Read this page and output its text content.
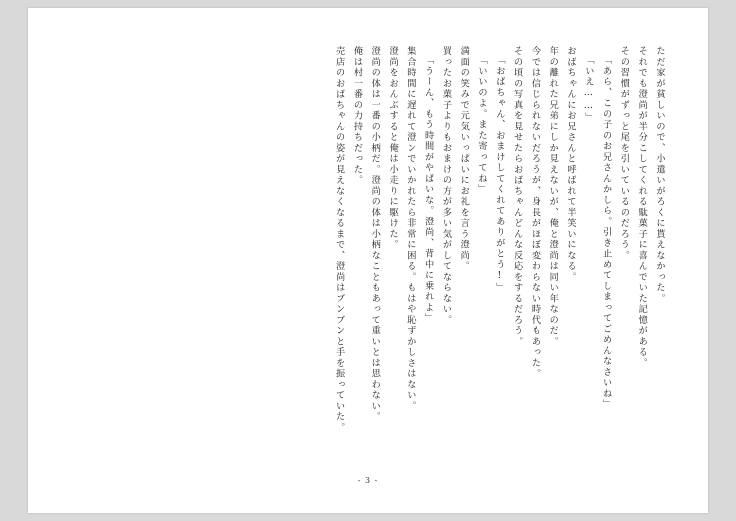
売店のおばちゃんの姿が見えなくなるまで、澄尚はブンブンと手を振っていた。 俺は村一番の力持ちだった。 澄尚の体は一番の小柄だ。澄尚の体は小柄なこともあって重いとは思わない。 澄尚をおんぶすると俺は小走りに駆けた。 集合時間に遅れて澄ンでいかれたら非常に困る。もはや恥ずかしさはない。 「うーん、もう時間がやばいな。澄尚、背中に乗れよ」 買ったお菓子よりもおまけの方が多い気がしてならない。 満面の笑みで元気いっぱいにお礼を言う澄尚。 「いいのよ。また寄ってね」 「おばちゃん、おまけしてくれてありがとう!」 その頃の写真を見せたらおばちゃんどんな反応をするだろう。 今では信じられないだろうが、身長がほぼ変わらない時代もあった。 年の離れた兄弟にしか見えないが、俺と澄尚は同い年なのだ。 おばちゃんにお兄さんと呼ばれて半笑いになる。 「いえ……」 「あら、この子のお兄さんかしら。引き止めてしまってごめんなさいね」 その習慣がずっと尾を引いているのだろう。 それでも澄尚が半分こしてくれる駄菓子に喜んでいた記憶がある。 ただ家が貧しいので、小遣いがろくに貰えなかった。
- 3 -
